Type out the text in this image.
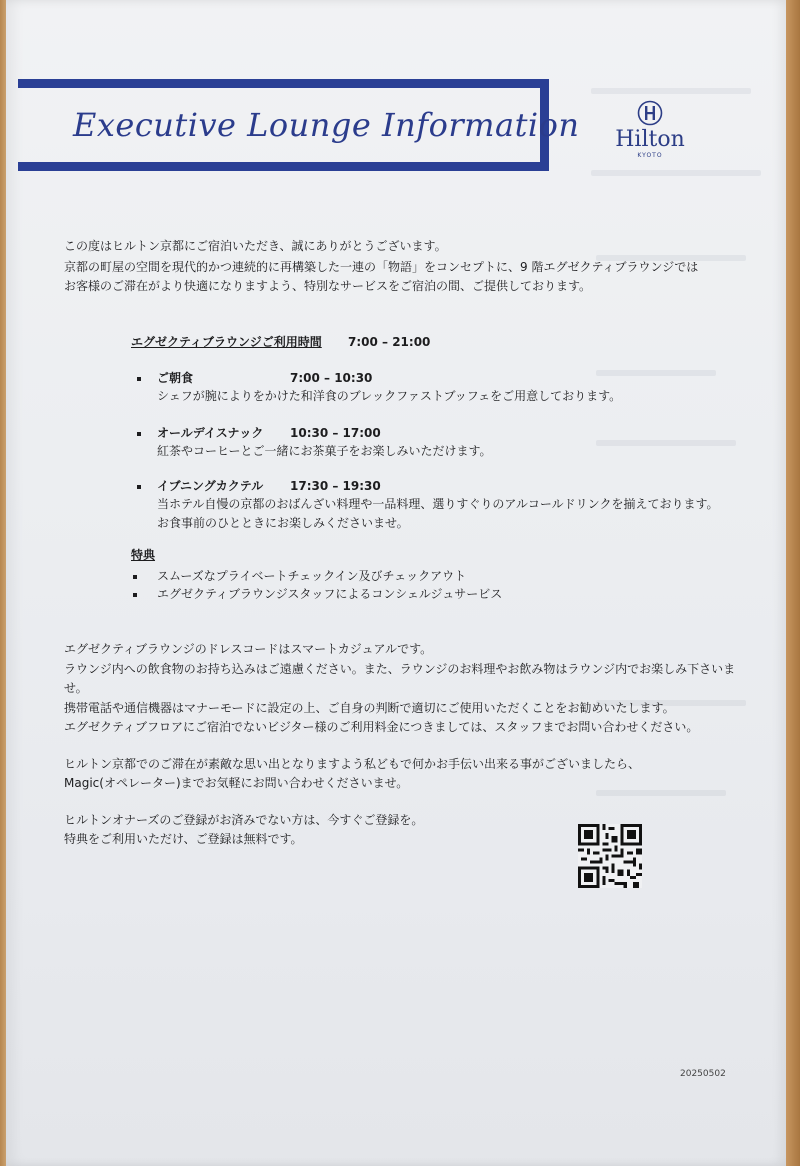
Executive Lounge Information	Hilton
KYOTO
この度はヒルトン京都にご宿泊いただき、誠にありがとうございます。
京都の町屋の空間を現代的かつ連続的に再構築した一連の「物語」をコンセプトに、9 階エグゼクティブラウンジでは
お客様のご滞在がより快適になりますよう、特別なサービスをご宿泊の間、ご提供しております。
エグゼクティブラウンジご利用時間 7:00 – 21:00
ご朝食	7:00 – 10:30
シェフが腕によりをかけた和洋食のブレックファストブッフェをご用意しております。
オールデイスナック 10:30 – 17:00
紅茶やコーヒーとご一緒にお茶菓子をお楽しみいただけます。
イブニングカクテル 17:30 – 19:30
当ホテル自慢の京都のおばんざい料理や一品料理、選りすぐりのアルコールドリンクを揃えております。
お食事前のひとときにお楽しみくださいませ。
特典
スムーズなプライベートチェックイン及びチェックアウト
エグゼクティブラウンジスタッフによるコンシェルジュサービス
エグゼクティブラウンジのドレスコードはスマートカジュアルです。
ラウンジ内への飲食物のお持ち込みはご遠慮ください。また、ラウンジのお料理やお飲み物はラウンジ内でお楽しみ下さいま
せ。
携帯電話や通信機器はマナーモードに設定の上、ご自身の判断で適切にご使用いただくことをお勧めいたします。
エグゼクティブフロアにご宿泊でないビジター様のご利用料金につきましては、スタッフまでお問い合わせください。
ヒルトン京都でのご滞在が素敵な思い出となりますよう私どもで何かお手伝い出来る事がございましたら、
Magic(オペレーター)までお気軽にお問い合わせくださいませ。
ヒルトンオナーズのご登録がお済みでない方は、今すぐご登録を。
特典をご利用いただけ、ご登録は無料です。
20250502
